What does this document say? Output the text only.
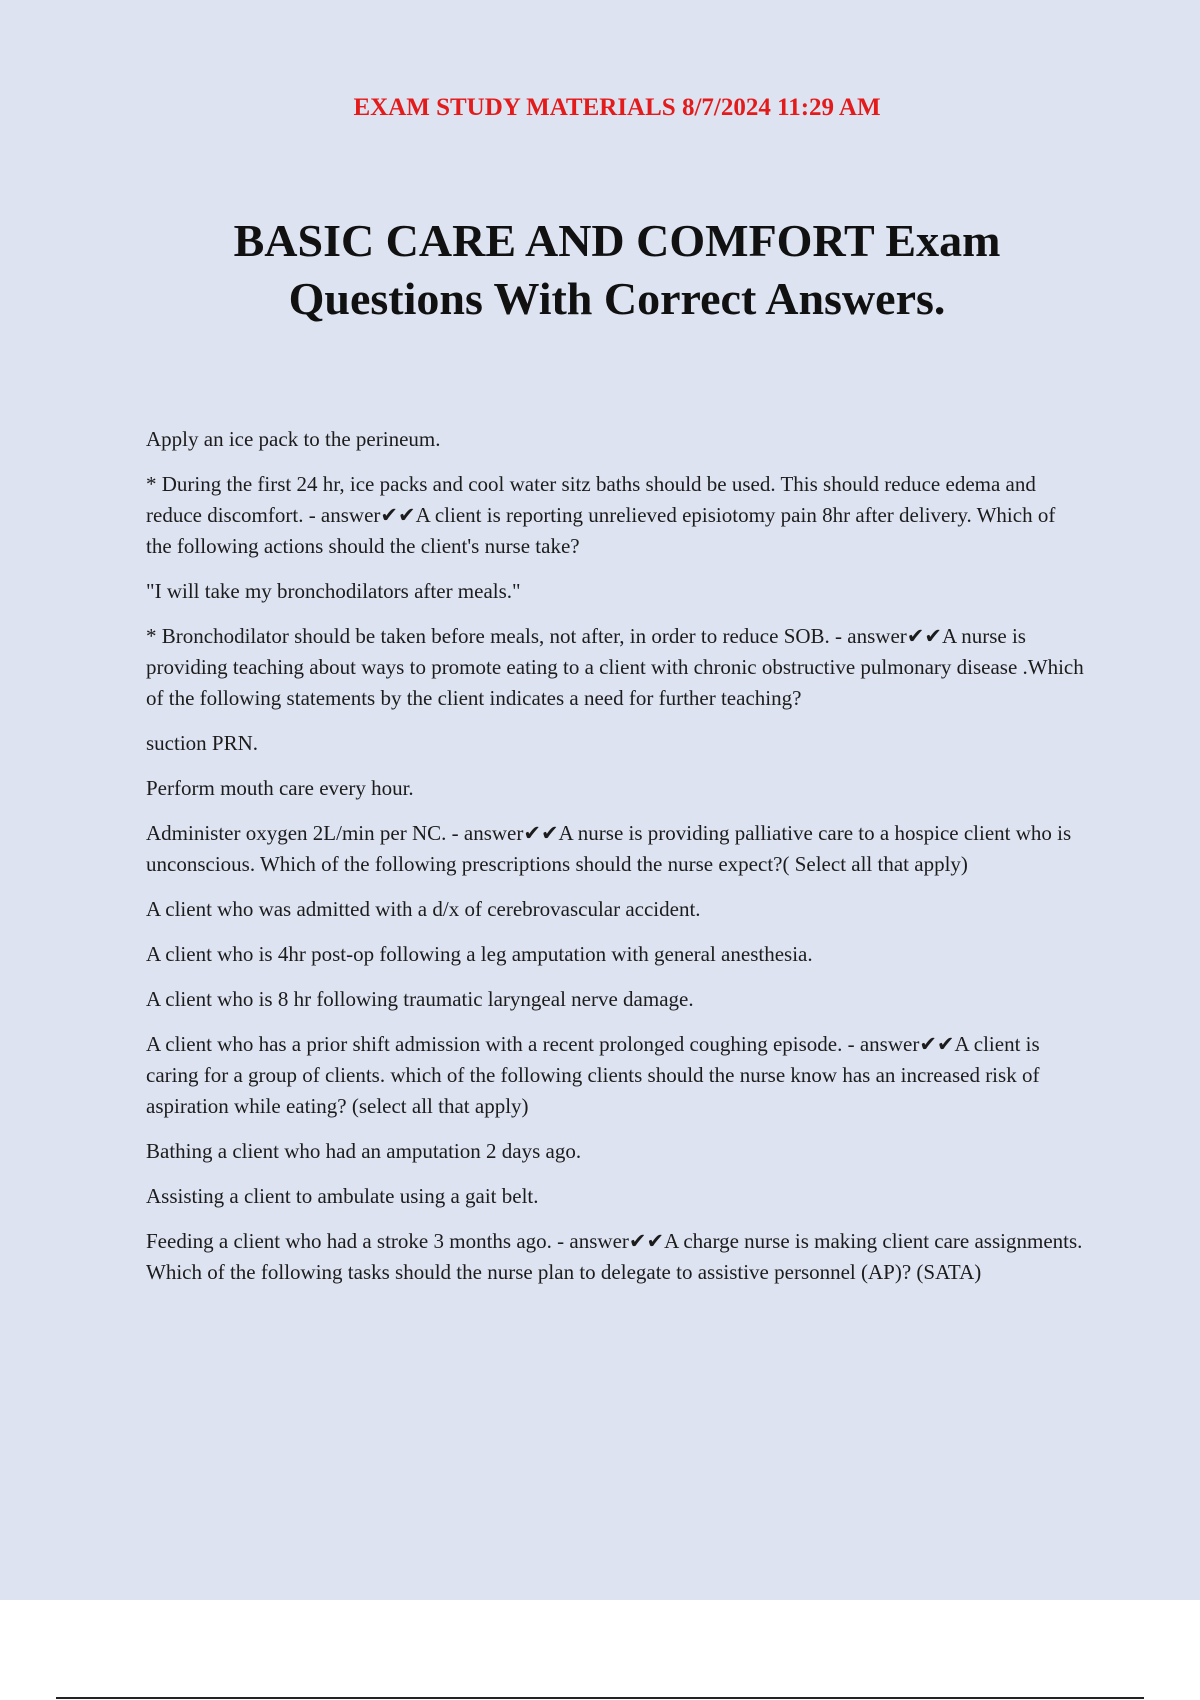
EXAM STUDY MATERIALS 8/7/2024 11:29 AM
BASIC CARE AND COMFORT Exam
Questions With Correct Answers.

Apply an ice pack to the perineum.

* During the first 24 hr, ice packs and cool water sitz baths should be used. This should reduce edema and reduce discomfort. - answer✔✔A client is reporting unrelieved episiotomy pain 8hr after delivery. Which of the following actions should the client's nurse take?

"I will take my bronchodilators after meals."

* Bronchodilator should be taken before meals, not after, in order to reduce SOB. - answer✔✔A nurse is providing teaching about ways to promote eating to a client with chronic obstructive pulmonary disease .Which of the following statements by the client indicates a need for further teaching?

suction PRN.

Perform mouth care every hour.

Administer oxygen 2L/min per NC. - answer✔✔A nurse is providing palliative care to a hospice client who is unconscious. Which of the following prescriptions should the nurse expect?( Select all that apply)

A client who was admitted with a d/x of cerebrovascular accident.

A client who is 4hr post-op following a leg amputation with general anesthesia.

A client who is 8 hr following traumatic laryngeal nerve damage.

A client who has a prior shift admission with a recent prolonged coughing episode. - answer✔✔A client is caring for a group of clients. which of the following clients should the nurse know has an increased risk of aspiration while eating? (select all that apply)

Bathing a client who had an amputation 2 days ago.

Assisting a client to ambulate using a gait belt.

Feeding a client who had a stroke 3 months ago. - answer✔✔A charge nurse is making client care assignments. Which of the following tasks should the nurse plan to delegate to assistive personnel (AP)? (SATA)
